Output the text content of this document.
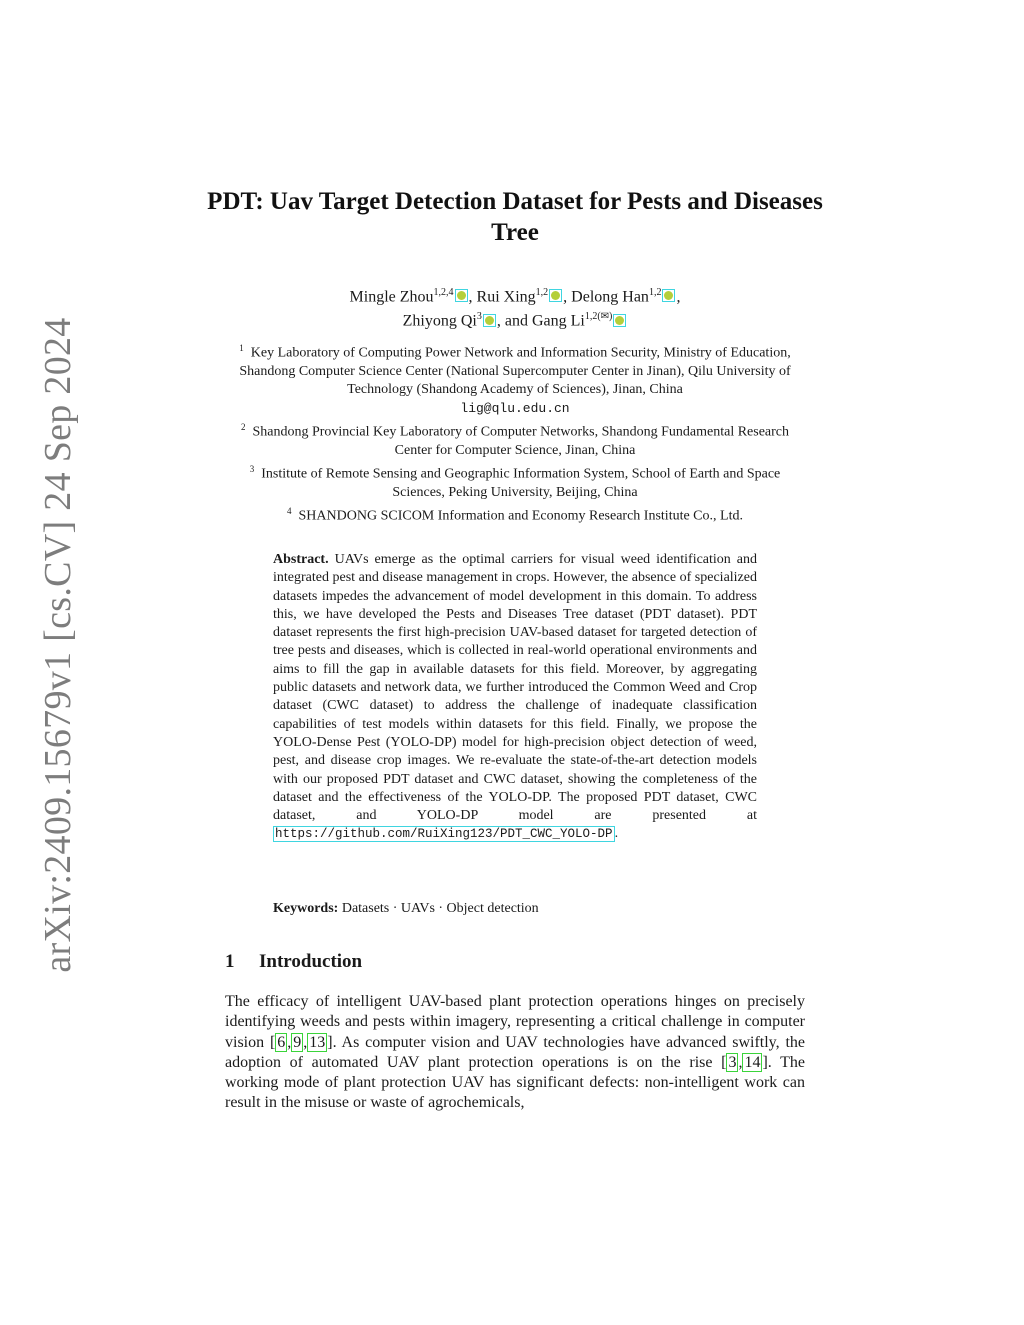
arXiv:2409.15679v1 [cs.CV] 24 Sep 2024
PDT: Uav Target Detection Dataset for Pests and Diseases Tree
Mingle Zhou$^{1,2,4}$ , Rui Xing$^{1,2}$ , Delong Han$^{1,2}$ ,
Zhiyong Qi$^3$ , and Gang $Li^{1,2(✉)}$
$^1$ Key Laboratory of Computing Power Network and Information Security, Ministry of Education, Shandong Computer Science Center (National Supercomputer Center in Jinan), Qilu University of Technology (Shandong Academy of Sciences), Jinan, China
lig@qlu.edu.cn
$^2$ Shandong Provincial Key Laboratory of Computer Networks, Shandong Fundamental Research Center for Computer Science, Jinan, China
$^3$ Institute of Remote Sensing and Geographic Information System, School of Earth and Space Sciences, Peking University, Beijing, China
$^4$ SHANDONG SCICOM Information and Economy Research Institute Co., Ltd.
Abstract. UAVs emerge as the optimal carriers for visual weed identification and integrated pest and disease management in crops. However, the absence of specialized datasets impedes the advancement of model development in this domain. To address this, we have developed the Pests and Diseases Tree dataset (PDT dataset). PDT dataset represents the first high-precision UAV-based dataset for targeted detection of tree pests and diseases, which is collected in real-world operational environments and aims to fill the gap in available datasets for this field. Moreover, by aggregating public datasets and network data, we further introduced the Common Weed and Crop dataset (CWC dataset) to address the challenge of inadequate classification capabilities of test models within datasets for this field. Finally, we propose the YOLO-Dense Pest (YOLO-DP) model for high-precision object detection of weed, pest, and disease crop images. We re-evaluate the state-of-the-art detection models with our proposed PDT dataset and CWC dataset, showing the completeness of the dataset and the effectiveness of the YOLO-DP. The proposed PDT dataset, CWC dataset, and YOLO-DP model are presented at https://github.com/RuiXing123/PDT_CWC_YOLO-DP .
Keywords: Datasets · UAVs · Object detection
1 Introduction
The efficacy of intelligent UAV-based plant protection operations hinges on precisely identifying weeds and pests within imagery, representing a critical challenge in computer vision [ 6 , 9 , 13 ]. As computer vision and UAV technologies have advanced swiftly, the adoption of automated UAV plant protection operations is on the rise [ 3 , 14 ]. The working mode of plant protection UAV has significant defects: non-intelligent work can result in the misuse or waste of agrochemicals,
